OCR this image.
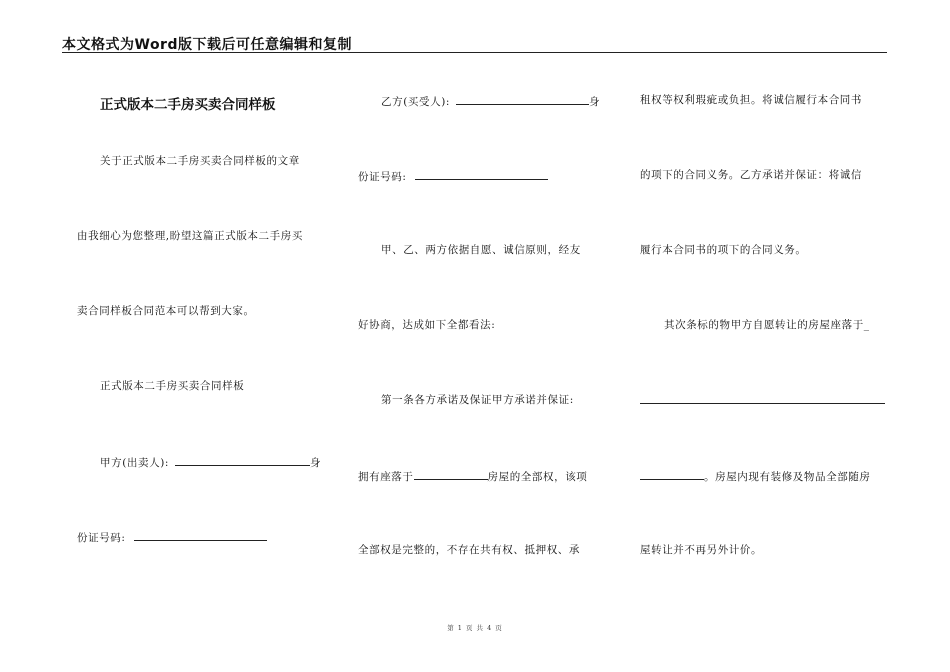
本文格式为Word版下载后可任意编辑和复制
正式版本二手房买卖合同样板
关于正式版本二手房买卖合同样板的文章
由我细心为您整理,盼望这篇正式版本二手房买
卖合同样板合同范本可以帮到大家。
正式版本二手房买卖合同样板
甲方(出卖人):	身
份证号码:
乙方(买受人):	身
份证号码:
甲、乙、两方依据自愿、诚信原则，经友
好协商，达成如下全都看法:
第一条各方承诺及保证甲方承诺并保证:
拥有座落于	房屋的全部权，该项
全部权是完整的，不存在共有权、抵押权、承
租权等权利瑕疵或负担。将诚信履行本合同书
的项下的合同义务。乙方承诺并保证：将诚信
履行本合同书的项下的合同义务。
其次条标的物甲方自愿转让的房屋座落于_
。房屋内现有装修及物品全部随房
屋转让并不再另外计价。
第 1 页 共 4 页
